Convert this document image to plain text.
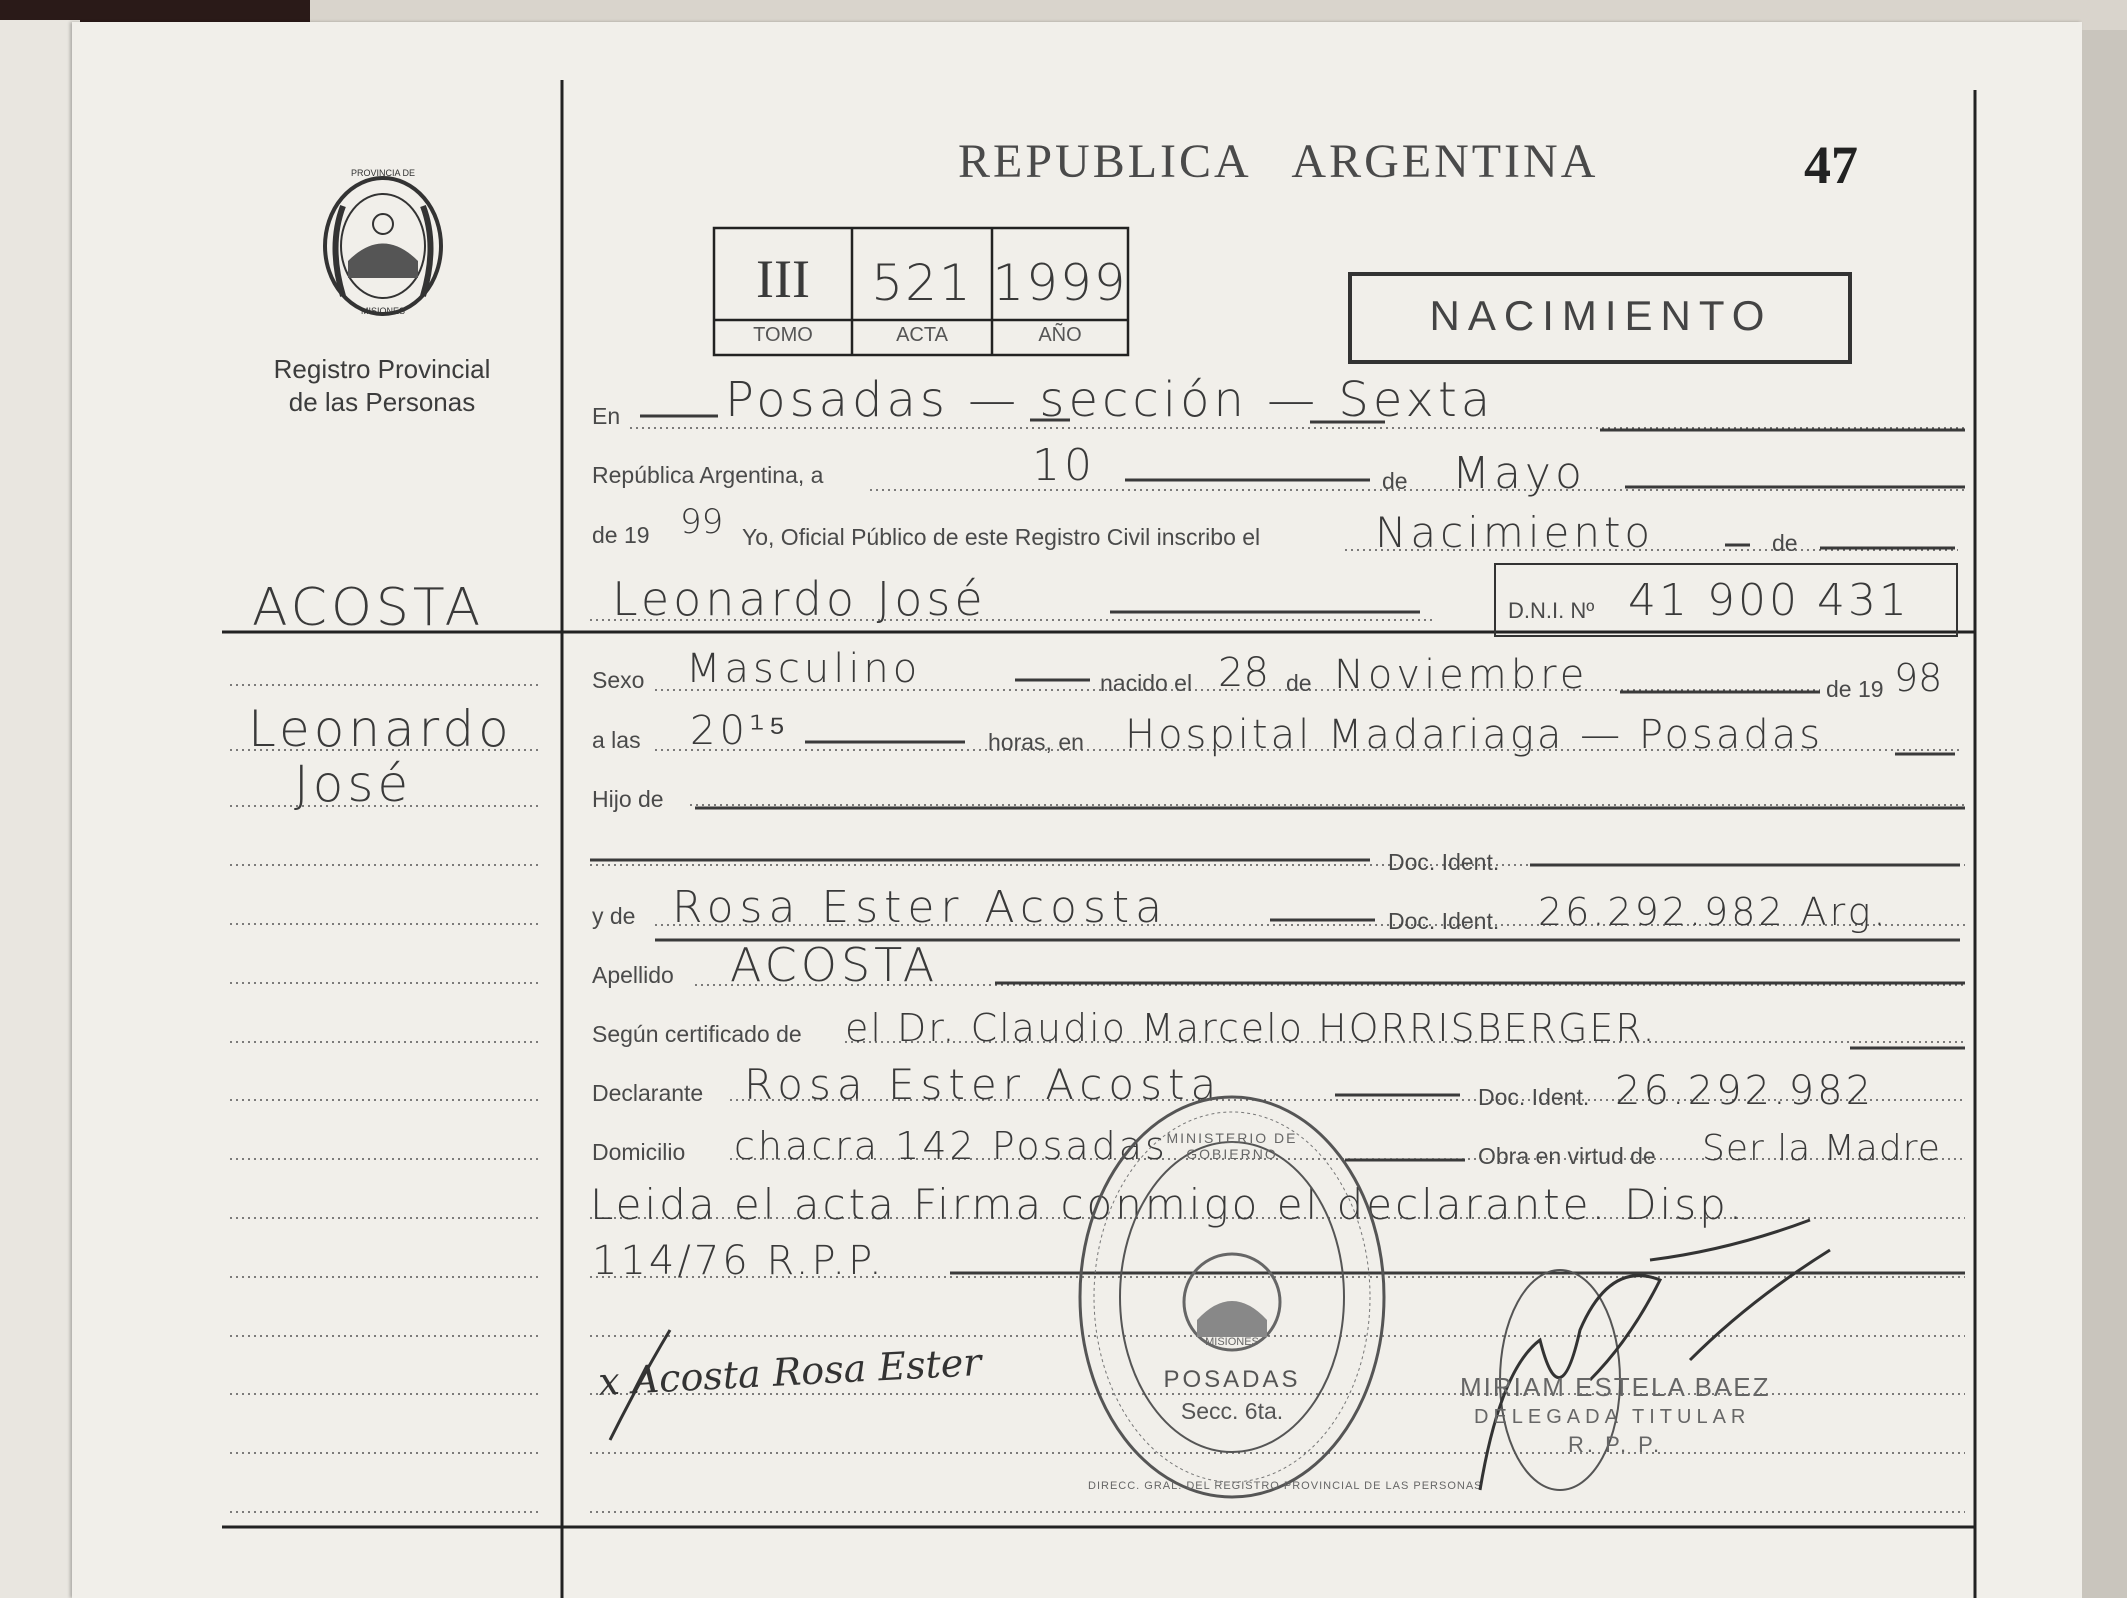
PROVINCIA DE
MISIONES
Registro Provincial
de las Personas
REPUBLICA   ARGENTINA	47
NACIMIENTO
III	521 1999
TOMO	ACTA	AÑO
ACOSTA
Leonardo
José
En Posadas — sección — Sexta
República Argentina, a	10	de Mayo
de 19 99 Yo, Oficial Público de este Registro Civil inscribo el	Nacimiento	de
Leonardo José	D.N.I. Nº 41 900 431
Sexo Masculino	nacido el 28 de Noviembre	de 19 98
a las 20¹⁵	horas, en Hospital Madariaga — Posadas
Hijo de
Doc. Ident.
y de Rosa Ester Acosta	Doc. Ident. 26.292.982 Arg.
Apellido ACOSTA
Según certificado de el Dr. Claudio Marcelo HORRISBERGER.
Declarante Rosa Ester Acosta	Doc. Ident. 26.292.982
Domicilio chacra 142 Posadas	Obra en virtud de Ser la Madre
Leida el acta Firma conmigo el declarante. Disp.
114/76 R.P.P.
DIRECC. GRAL. DEL REGISTRO PROVINCIAL DE LAS PERSONAS
MINISTERIO DE GOBIERNO
MISIONES
POSADAS
Secc. 6ta.
x Acosta Rosa Ester	MIRIAM ESTELA BAEZ
DELEGADA TITULAR
R. P. P.
